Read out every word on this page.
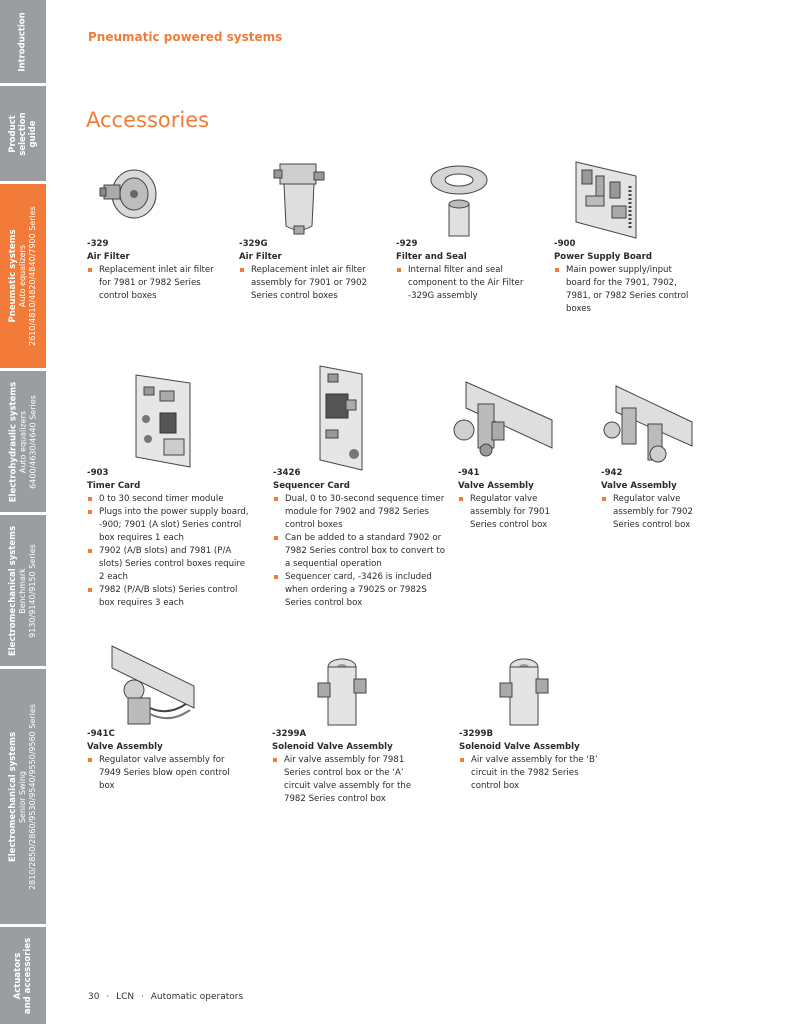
Introduction
Product selection guide
Pneumatic systems Auto equalizers 2610/4810/4820/4840/7900 Series
Electrohydraulic systems Auto equalizers 6400/4630/4640 Series
Electromechanical systems Benchmark 9130/9140/9150 Series
Electromechanical systems Senior Swing 2810/2850/2860/9530/9540/9550/9560 Series
Actuators and accessories
Pneumatic powered systems
Accessories
-329
Air Filter
Replacement inlet air filter for 7981 or 7982 Series control boxes
-329G
Air Filter
Replacement inlet air filter assembly for 7901 or 7902 Series control boxes
-929
Filter and Seal
Internal filter and seal component to the Air Filter -329G assembly
-900
Power Supply Board
Main power supply/input board for the 7901, 7902, 7981, or 7982 Series control boxes
-903
Timer Card
0 to 30 second timer module
Plugs into the power supply board, -900; 7901 (A slot) Series control box requires 1 each
7902 (A/B slots) and 7981 (P/A slots) Series control boxes require 2 each
7982 (P/A/B slots) Series control box requires 3 each
-3426
Sequencer Card
Dual, 0 to 30-second sequence timer module for 7902 and 7982 Series control boxes
Can be added to a standard 7902 or 7982 Series control box to convert to a sequential operation
Sequencer card, -3426 is included when ordering a 7902S or 7982S Series control box
-941
Valve Assembly
Regulator valve assembly for 7901 Series control box
-942
Valve Assembly
Regulator valve assembly for 7902 Series control box
-941C
Valve Assembly
Regulator valve assembly for 7949 Series blow open control box
-3299A
Solenoid Valve Assembly
Air valve assembly for 7981 Series control box or the ‘A’ circuit valve assembly for the 7982 Series control box
-3299B
Solenoid Valve Assembly
Air valve assembly for the ‘B’ circuit in the 7982 Series control box
30 · LCN · Automatic operators
